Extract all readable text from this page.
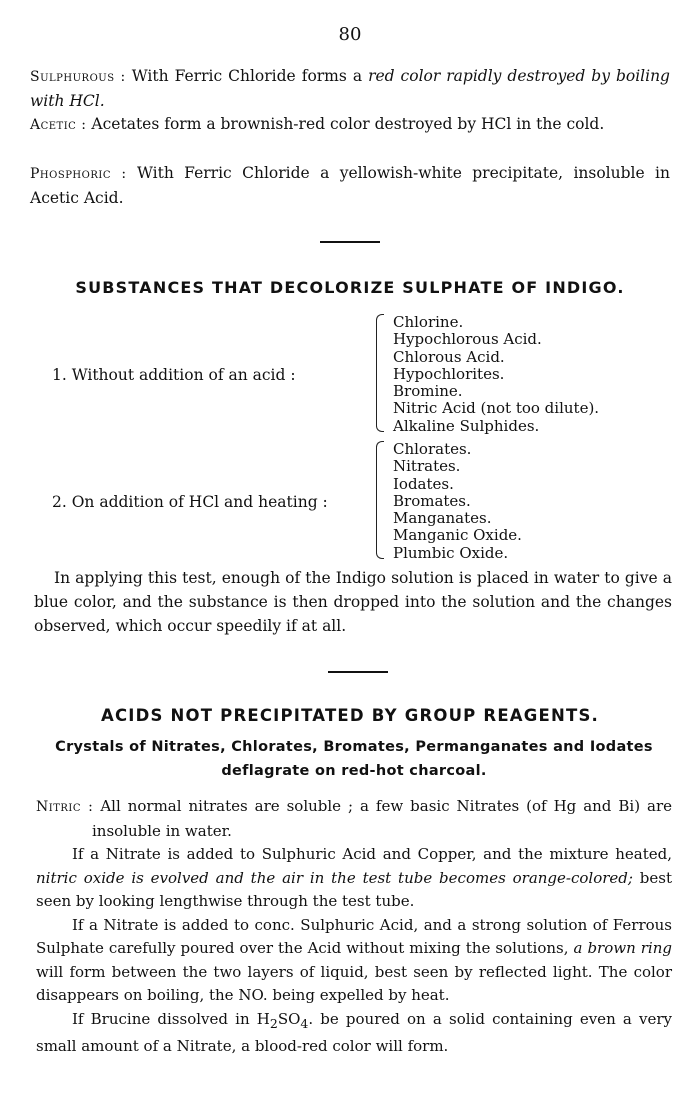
80
Sulphurous : With Ferric Chloride forms a red color rapidly destroyed by boiling with HCl.
Acetic : Acetates form a brownish-red color destroyed by HCl in the cold.
Phosphoric : With Ferric Chloride a yellowish-white precipitate, insoluble in Acetic Acid.
SUBSTANCES THAT DECOLORIZE SULPHATE OF INDIGO.
1. Without addition of an acid :
Chlorine.
Hypochlorous Acid.
Chlorous Acid.
Hypochlorites.
Bromine.
Nitric Acid (not too dilute).
Alkaline Sulphides.
2. On addition of HCl and heating :
Chlorates.
Nitrates.
Iodates.
Bromates.
Manganates.
Manganic Oxide.
Plumbic Oxide.
In applying this test, enough of the Indigo solution is placed in water to give a blue color, and the substance is then dropped into the solution and the changes observed, which occur speedily if at all.
ACIDS NOT PRECIPITATED BY GROUP REAGENTS.
Crystals of Nitrates, Chlorates, Bromates, Permanganates and Iodates deflagrate on red-hot charcoal.

Nitric : All normal nitrates are soluble ; a few basic Nitrates (of Hg and Bi) are insoluble in water.

If a Nitrate is added to Sulphuric Acid and Copper, and the mixture heated, nitric oxide is evolved and the air in the test tube becomes orange-colored; best seen by looking lengthwise through the test tube.

If a Nitrate is added to conc. Sulphuric Acid, and a strong solution of Ferrous Sulphate carefully poured over the Acid without mixing the solutions, a brown ring will form between the two layers of liquid, best seen by reflected light. The color disappears on boiling, the NO. being expelled by heat.

If Brucine dissolved in $H_2SO_4$. be poured on a solid containing even a very small amount of a Nitrate, a blood-red color will form.
